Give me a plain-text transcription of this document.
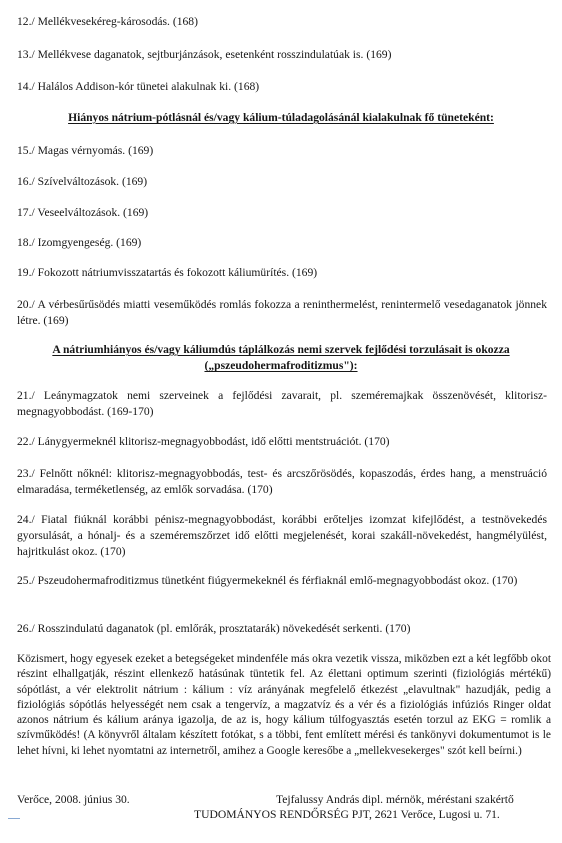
12./ Mellékvesekéreg-károsodás. (168)
13./ Mellékvese daganatok, sejtburjánzások, esetenként rosszindulatúak is. (169)
14./ Halálos Addison-kór tünetei alakulnak ki. (168)
Hiányos nátrium-pótlásnál és/vagy kálium-túladagolásánál kialakulnak fő tüneteként:
15./ Magas vérnyomás. (169)
16./ Szívelváltozások. (169)
17./ Veseelváltozások. (169)
18./ Izomgyengeség. (169)
19./ Fokozott nátriumvisszatartás és fokozott káliumürítés. (169)
20./ A vérbesűrűsödés miatti veseműködés romlás fokozza a reninthermelést, renintermelő vesedaganatok jönnek létre. (169)
A nátriumhiányos és/vagy káliumdús táplálkozás nemi szervek fejlődési torzulásait is okozza („pszeudohermafroditizmus"):
21./ Leánymagzatok nemi szerveinek a fejlődési zavarait, pl. szeméremajkak összenövését, klitorisz-megnagyobbodást. (169-170)
22./ Lánygyermeknél klitorisz-megnagyobbodást, idő előtti mentstruációt. (170)
23./ Felnőtt nőknél: klitorisz-megnagyobbodás, test- és arcszőrösödés, kopaszodás, érdes hang, a menstruáció elmaradása, terméketlenség, az emlők sorvadása. (170)
24./ Fiatal fiúknál korábbi pénisz-megnagyobbodást, korábbi erőteljes izomzat kifejlődést, a testnövekedés gyorsulását, a hónalj- és a szeméremszőrzet idő előtti megjelenését, korai szakáll-növekedést, hangmélyülést, hajritkulást okoz. (170)
25./ Pszeudohermafroditizmus tünetként fiúgyermekeknél és férfiaknál emlő-megnagyobbodást okoz. (170)
26./ Rosszindulatú daganatok (pl. emlőrák, prosztatarák) növekedését serkenti. (170)
Közismert, hogy egyesek ezeket a betegségeket mindenféle más okra vezetik vissza, miközben ezt a két legfőbb okot részint elhallgatják, részint ellenkező hatásúnak tüntetik fel. Az élettani optimum szerinti (fiziológiás mértékű) sópótlást, a vér elektrolit nátrium : kálium : víz arányának megfelelő étkezést „elavultnak" hazudják, pedig a fiziológiás sópótlás helyességét nem csak a tengervíz, a magzatvíz és a vér és a fiziológiás infúziós Ringer oldat azonos nátrium és kálium aránya igazolja, de az is, hogy kálium túlfogyasztás esetén torzul az EKG = romlik a szívműködés! (A könyvről általam készített fotókat, s a többi, fent említett mérési és tankönyvi dokumentumot is le lehet hívni, ki lehet nyomtatni az internetről, amihez a Google keresőbe a „mellekvesekerges" szót kell beírni.)
Verőce, 2008. június 30.	Tejfalussy András dipl. mérnök, méréstani szakértő
TUDOMÁNYOS RENDŐRSÉG PJT, 2621 Verőce, Lugosi u. 71.
